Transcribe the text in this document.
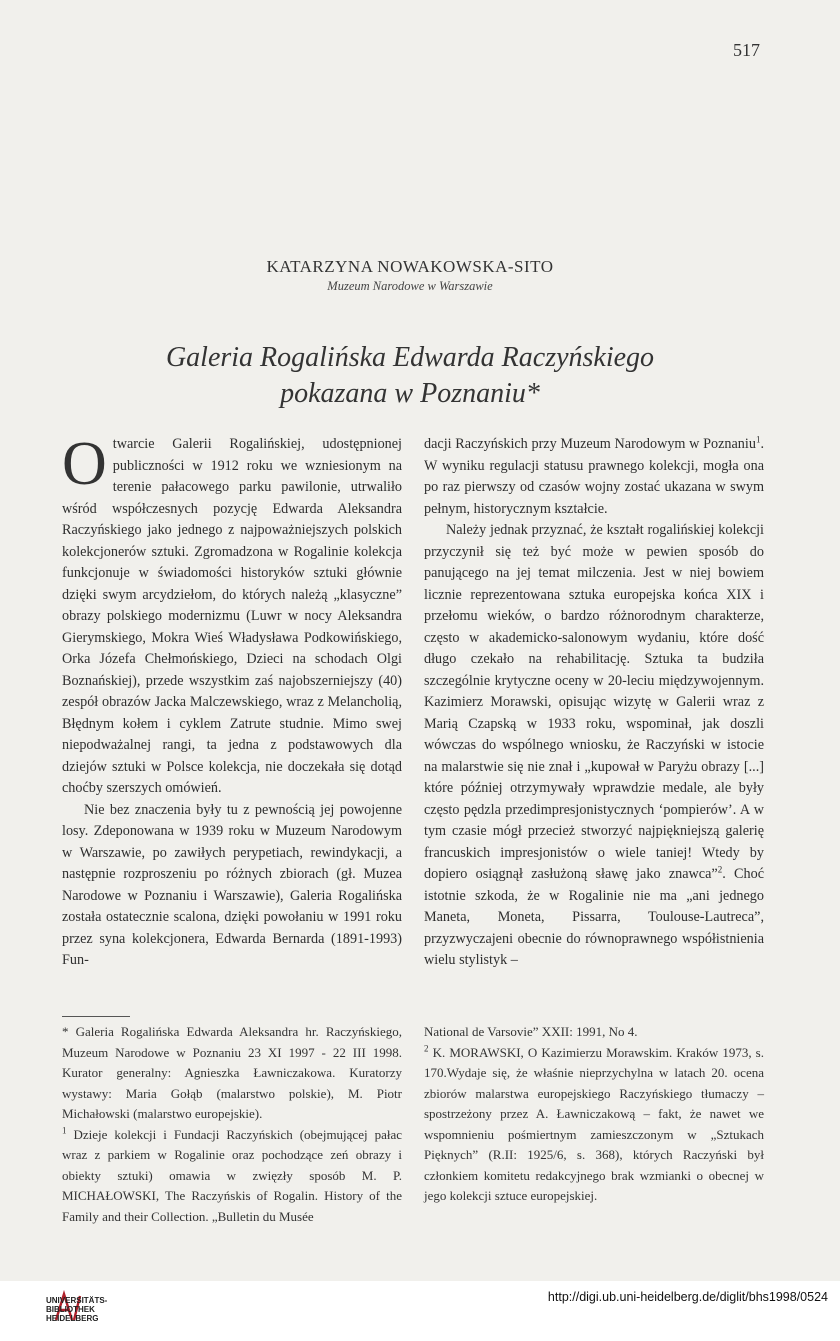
517
KATARZYNA NOWAKOWSKA-SITO
Muzeum Narodowe w Warszawie
Galeria Rogalińska Edwarda Raczyńskiego
pokazana w Poznaniu*

Otwarcie Galerii Rogalińskiej, udostępnionej publiczności w 1912 roku we wzniesionym na terenie pałacowego parku pawilonie, utrwaliło wśród współczesnych pozycję Edwarda Aleksandra Raczyńskiego jako jednego z najpoważniejszych polskich kolekcjonerów sztuki. Zgromadzona w Rogalinie kolekcja funkcjonuje w świadomości historyków sztuki głównie dzięki swym arcydziełom, do których należą „klasyczne” obrazy polskiego modernizmu (Luwr w nocy Aleksandra Gierymskiego, Mokra Wieś Władysława Podkowińskiego, Orka Józefa Chełmońskiego, Dzieci na schodach Olgi Boznańskiej), przede wszystkim zaś najobszerniejszy (40) zespół obrazów Jacka Malczewskiego, wraz z Melancholią, Błędnym kołem i cyklem Zatrute studnie. Mimo swej niepodważalnej rangi, ta jedna z podstawowych dla dziejów sztuki w Polsce kolekcja, nie doczekała się dotąd choćby szerszych omówień.

Nie bez znaczenia były tu z pewnością jej powojenne losy. Zdeponowana w 1939 roku w Muzeum Narodowym w Warszawie, po zawiłych perypetiach, rewindykacji, a następnie rozproszeniu po różnych zbiorach (gł. Muzea Narodowe w Poznaniu i Warszawie), Galeria Rogalińska została ostatecznie scalona, dzięki powołaniu w 1991 roku przez syna kolekcjonera, Edwarda Bernarda (1891-1993) Fun-

dacji Raczyńskich przy Muzeum Narodowym w Poznaniu$^1$. W wyniku regulacji statusu prawnego kolekcji, mogła ona po raz pierwszy od czasów wojny zostać ukazana w swym pełnym, historycznym kształcie.

Należy jednak przyznać, że kształt rogalińskiej kolekcji przyczynił się też być może w pewien sposób do panującego na jej temat milczenia. Jest w niej bowiem licznie reprezentowana sztuka europejska końca XIX i przełomu wieków, o bardzo różnorodnym charakterze, często w akademicko-salonowym wydaniu, które dość długo czekało na rehabilitację. Sztuka ta budziła szczególnie krytyczne oceny w 20-leciu międzywojennym. Kazimierz Morawski, opisując wizytę w Galerii wraz z Marią Czapską w 1933 roku, wspominał, jak doszli wówczas do wspólnego wniosku, że Raczyński w istocie na malarstwie się nie znał i „kupował w Paryżu obrazy [...] które później otrzymywały wprawdzie medale, ale były często pędzla przedimpresjonistycznych ‘pompierów’. A w tym czasie mógł przecież stworzyć najpiękniejszą galerię francuskich impresjonistów o wiele taniej! Wtedy by dopiero osiągnął zasłużoną sławę jako znawca”$^2$. Choć istotnie szkoda, że w Rogalinie nie ma „ani jednego Maneta, Moneta, Pissarra, Toulouse-Lautreca”, przyzwyczajeni obecnie do równoprawnego współistnienia wielu stylistyk –

* Galeria Rogalińska Edwarda Aleksandra hr. Raczyńskiego, Muzeum Narodowe w Poznaniu 23 XI 1997 - 22 III 1998. Kurator generalny: Agnieszka Ławniczakowa. Kuratorzy wystawy: Maria Gołąb (malarstwo polskie), M. Piotr Michałowski (malarstwo europejskie).

$^1$ Dzieje kolekcji i Fundacji Raczyńskich (obejmującej pałac wraz z parkiem w Rogalinie oraz pochodzące zeń obrazy i obiekty sztuki) omawia w zwięzły sposób M. P. MICHAŁOWSKI, The Raczyńskis of Rogalin. History of the Family and their Collection. „Bulletin du Musée

National de Varsovie” XXII: 1991, No 4.

$^2$ K. MORAWSKI, O Kazimierzu Morawskim. Kraków 1973, s. 170.Wydaje się, że właśnie nieprzychylna w latach 20. ocena zbiorów malarstwa europejskiego Raczyńskiego tłumaczy – spostrzeżony przez A. Ławniczakową – fakt, że nawet we wspomnieniu pośmiertnym zamieszczonym w „Sztukach Pięknych” (R.II: 1925/6, s. 368), których Raczyński był członkiem komitetu redakcyjnego brak wzmianki o obecnej w jego kolekcji sztuce europejskiej.

UNIVERSITÄTS-
BIBLIOTHEK
HEIDELBERG
http://digi.ub.uni-heidelberg.de/diglit/bhs1998/0524
